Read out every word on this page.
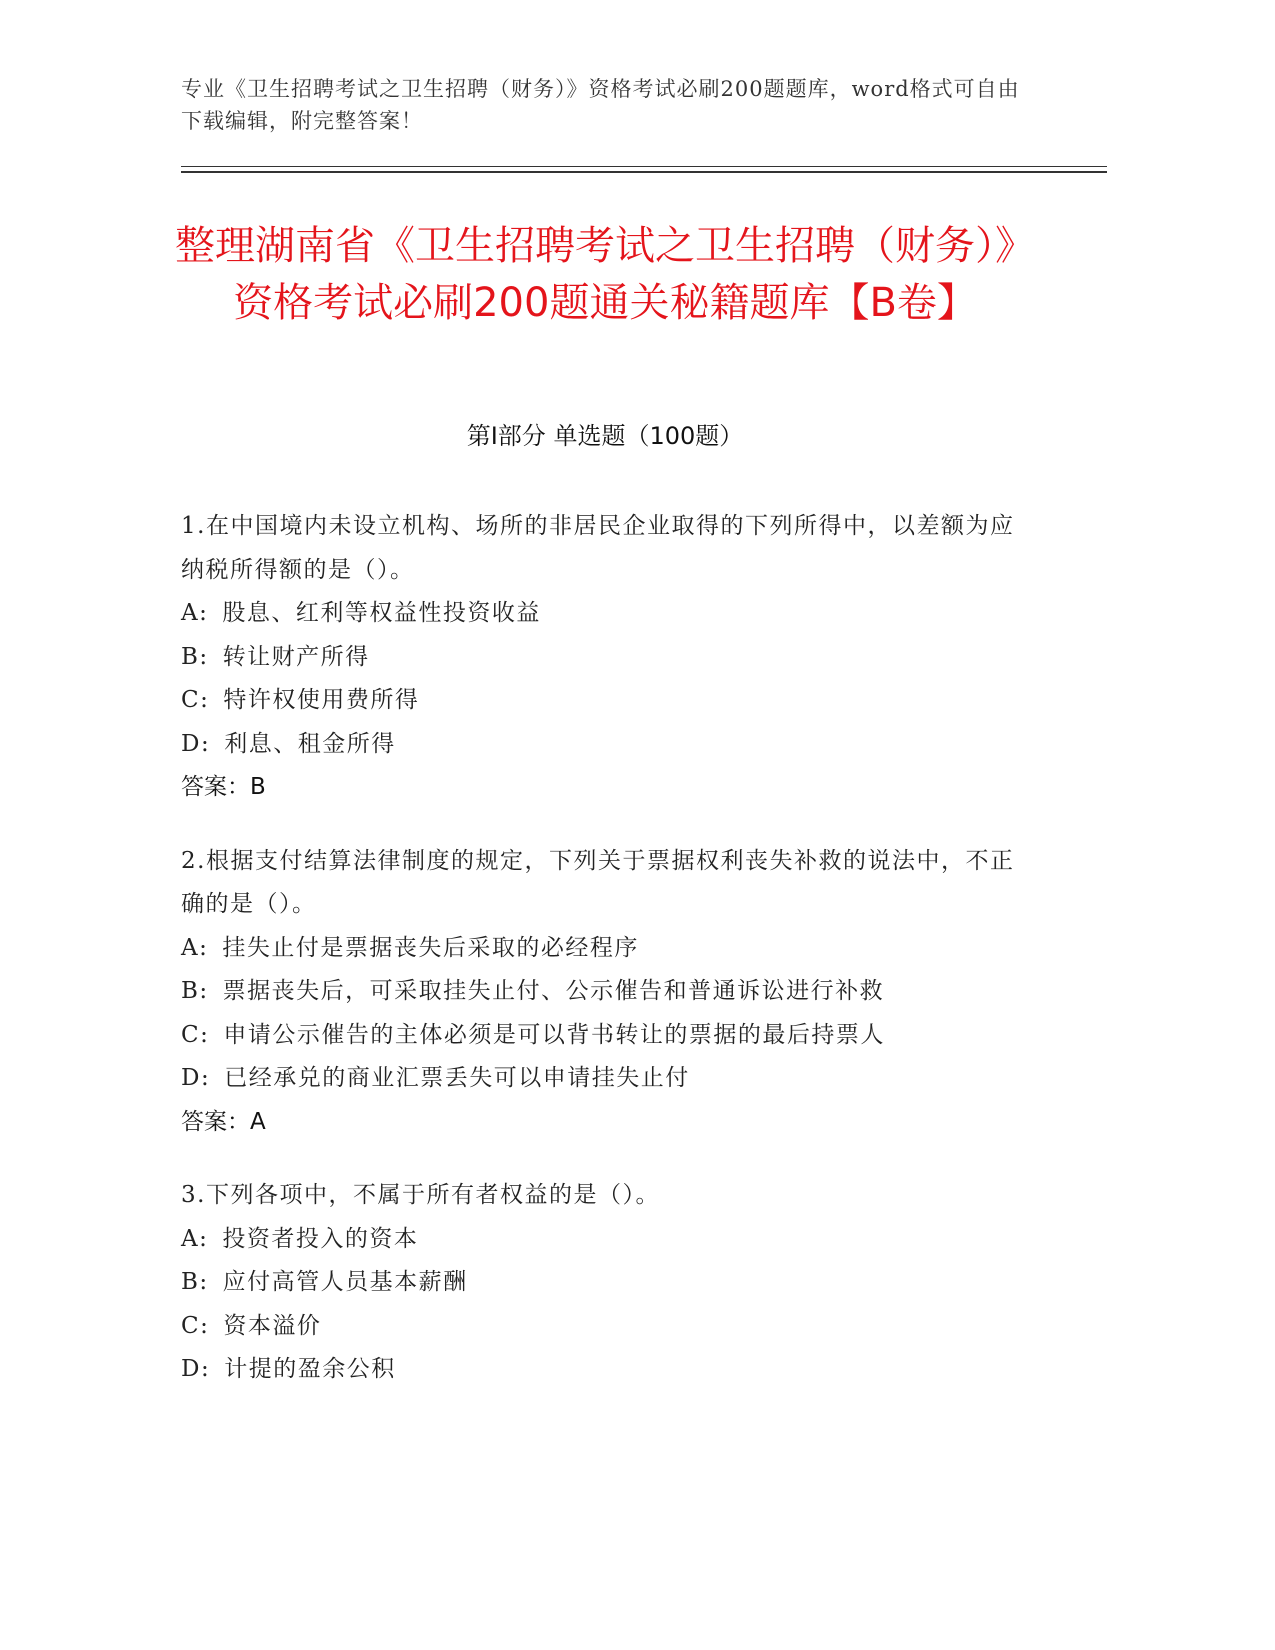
专业《卫生招聘考试之卫生招聘（财务）》资格考试必刷200题题库，word格式可自由下载编辑，附完整答案！
整理湖南省《卫生招聘考试之卫生招聘（财务）》资格考试必刷200题通关秘籍题库【B卷】
第I部分 单选题（100题）
1.在中国境内未设立机构、场所的非居民企业取得的下列所得中，以差额为应纳税所得额的是（）。
A: 股息、红利等权益性投资收益
B: 转让财产所得
C: 特许权使用费所得
D: 利息、租金所得
答案：B
2.根据支付结算法律制度的规定，下列关于票据权利丧失补救的说法中，不正确的是（）。
A: 挂失止付是票据丧失后采取的必经程序
B: 票据丧失后，可采取挂失止付、公示催告和普通诉讼进行补救
C: 申请公示催告的主体必须是可以背书转让的票据的最后持票人
D: 已经承兑的商业汇票丢失可以申请挂失止付
答案：A
3.下列各项中，不属于所有者权益的是（）。
A: 投资者投入的资本
B: 应付高管人员基本薪酬
C: 资本溢价
D: 计提的盈余公积
